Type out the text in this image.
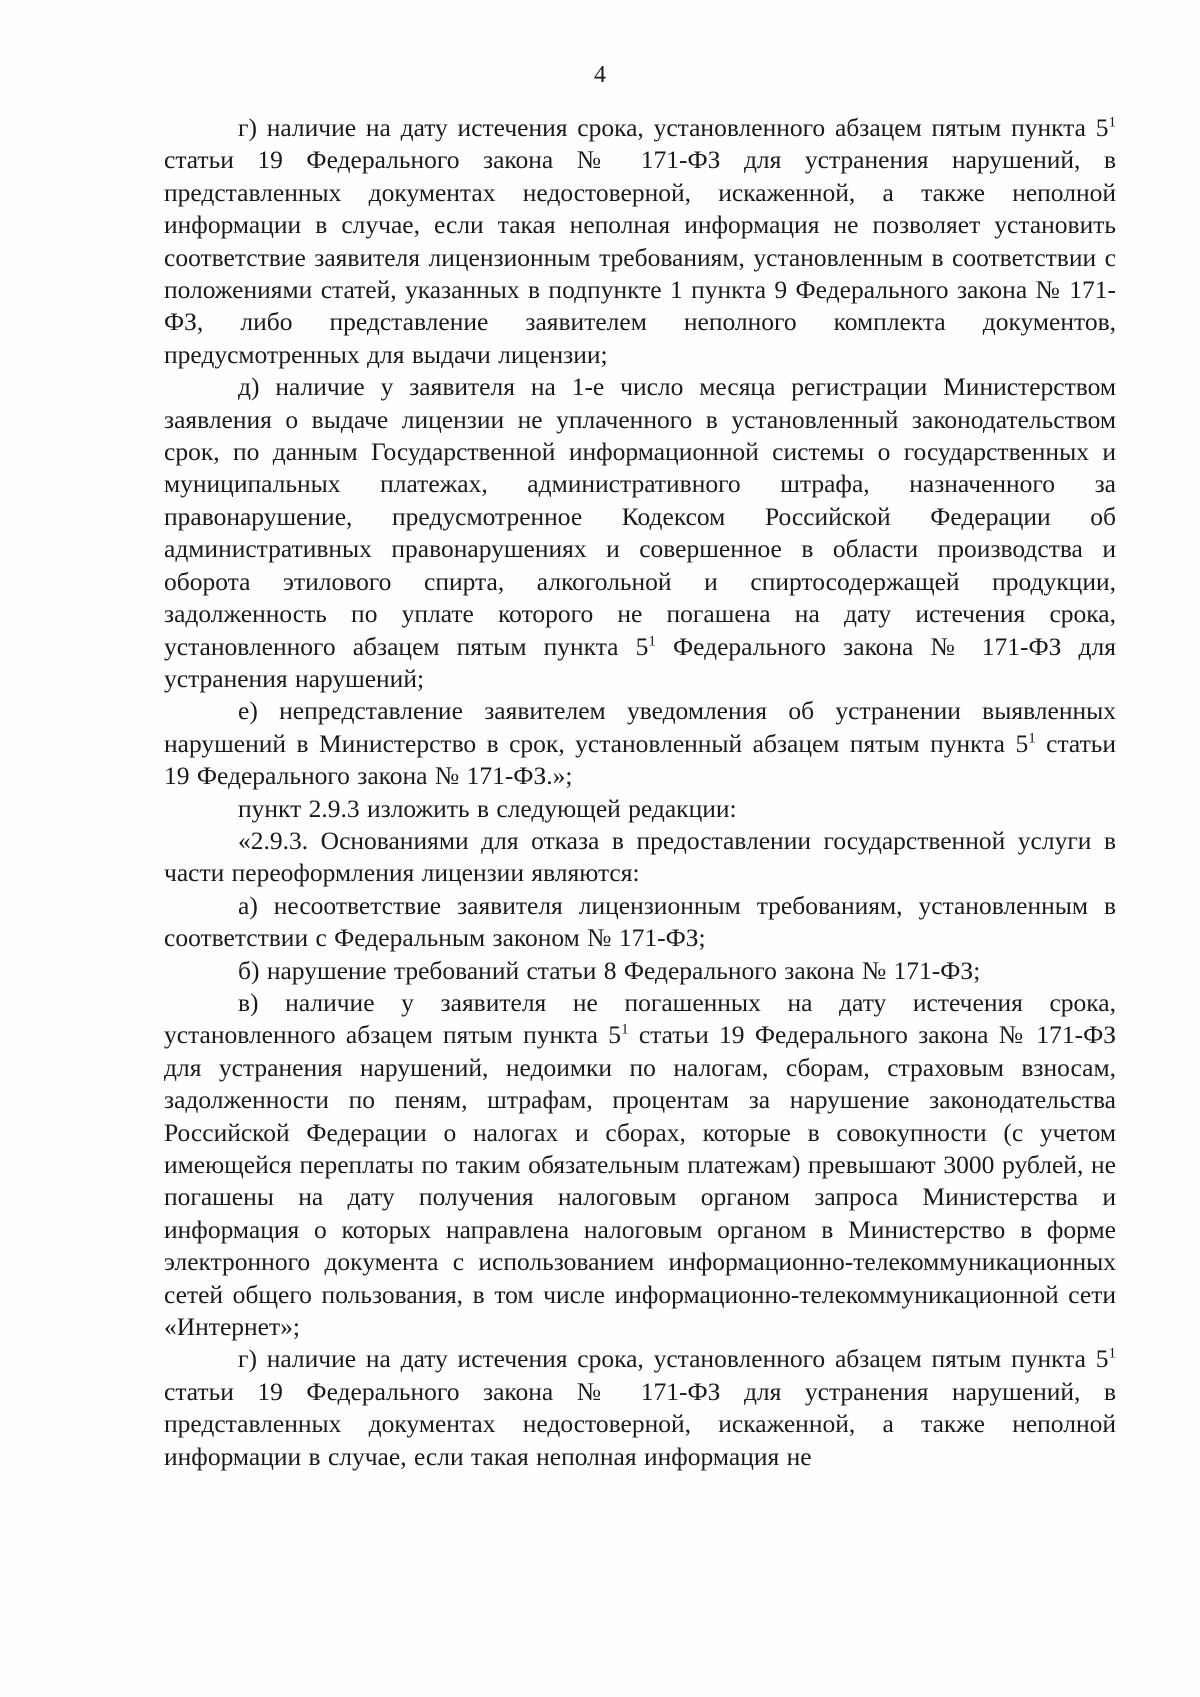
4

г) наличие на дату истечения срока, установленного абзацем пятым пункта $5^1$ статьи 19 Федерального закона № 171-ФЗ для устранения нарушений, в представленных документах недостоверной, искаженной, а также неполной информации в случае, если такая неполная информация не позволяет установить соответствие заявителя лицензионным требованиям, установленным в соответствии с положениями статей, указанных в подпункте 1 пункта 9 Федерального закона № 171-ФЗ, либо представление заявителем неполного комплекта документов, предусмотренных для выдачи лицензии;

д) наличие у заявителя на 1-е число месяца регистрации Министерством заявления о выдаче лицензии не уплаченного в установленный законодательством срок, по данным Государственной информационной системы о государственных и муниципальных платежах, административного штрафа, назначенного за правонарушение, предусмотренное Кодексом Российской Федерации об административных правонарушениях и совершенное в области производства и оборота этилового спирта, алкогольной и спиртосодержащей продукции, задолженность по уплате которого не погашена на дату истечения срока, установленного абзацем пятым пункта $5^1$ Федерального закона № 171-ФЗ для устранения нарушений;

е) непредставление заявителем уведомления об устранении выявленных нарушений в Министерство в срок, установленный абзацем пятым пункта $5^1$ статьи 19 Федерального закона № 171-ФЗ.»;

пункт 2.9.3 изложить в следующей редакции:

«2.9.3. Основаниями для отказа в предоставлении государственной услуги в части переоформления лицензии являются:

а) несоответствие заявителя лицензионным требованиям, установленным в соответствии с Федеральным законом № 171-ФЗ;

б) нарушение требований статьи 8 Федерального закона № 171-ФЗ;

в) наличие у заявителя не погашенных на дату истечения срока, установленного абзацем пятым пункта $5^1$ статьи 19 Федерального закона № 171-ФЗ для устранения нарушений, недоимки по налогам, сборам, страховым взносам, задолженности по пеням, штрафам, процентам за нарушение законодательства Российской Федерации о налогах и сборах, которые в совокупности (с учетом имеющейся переплаты по таким обязательным платежам) превышают 3000 рублей, не погашены на дату получения налоговым органом запроса Министерства и информация о которых направлена налоговым органом в Министерство в форме электронного документа с использованием информационно-телекоммуникационных сетей общего пользования, в том числе информационно-телекоммуникационной сети «Интернет»;

г) наличие на дату истечения срока, установленного абзацем пятым пункта $5^1$ статьи 19 Федерального закона № 171-ФЗ для устранения нарушений, в представленных документах недостоверной, искаженной, а также неполной информации в случае, если такая неполная информация не
